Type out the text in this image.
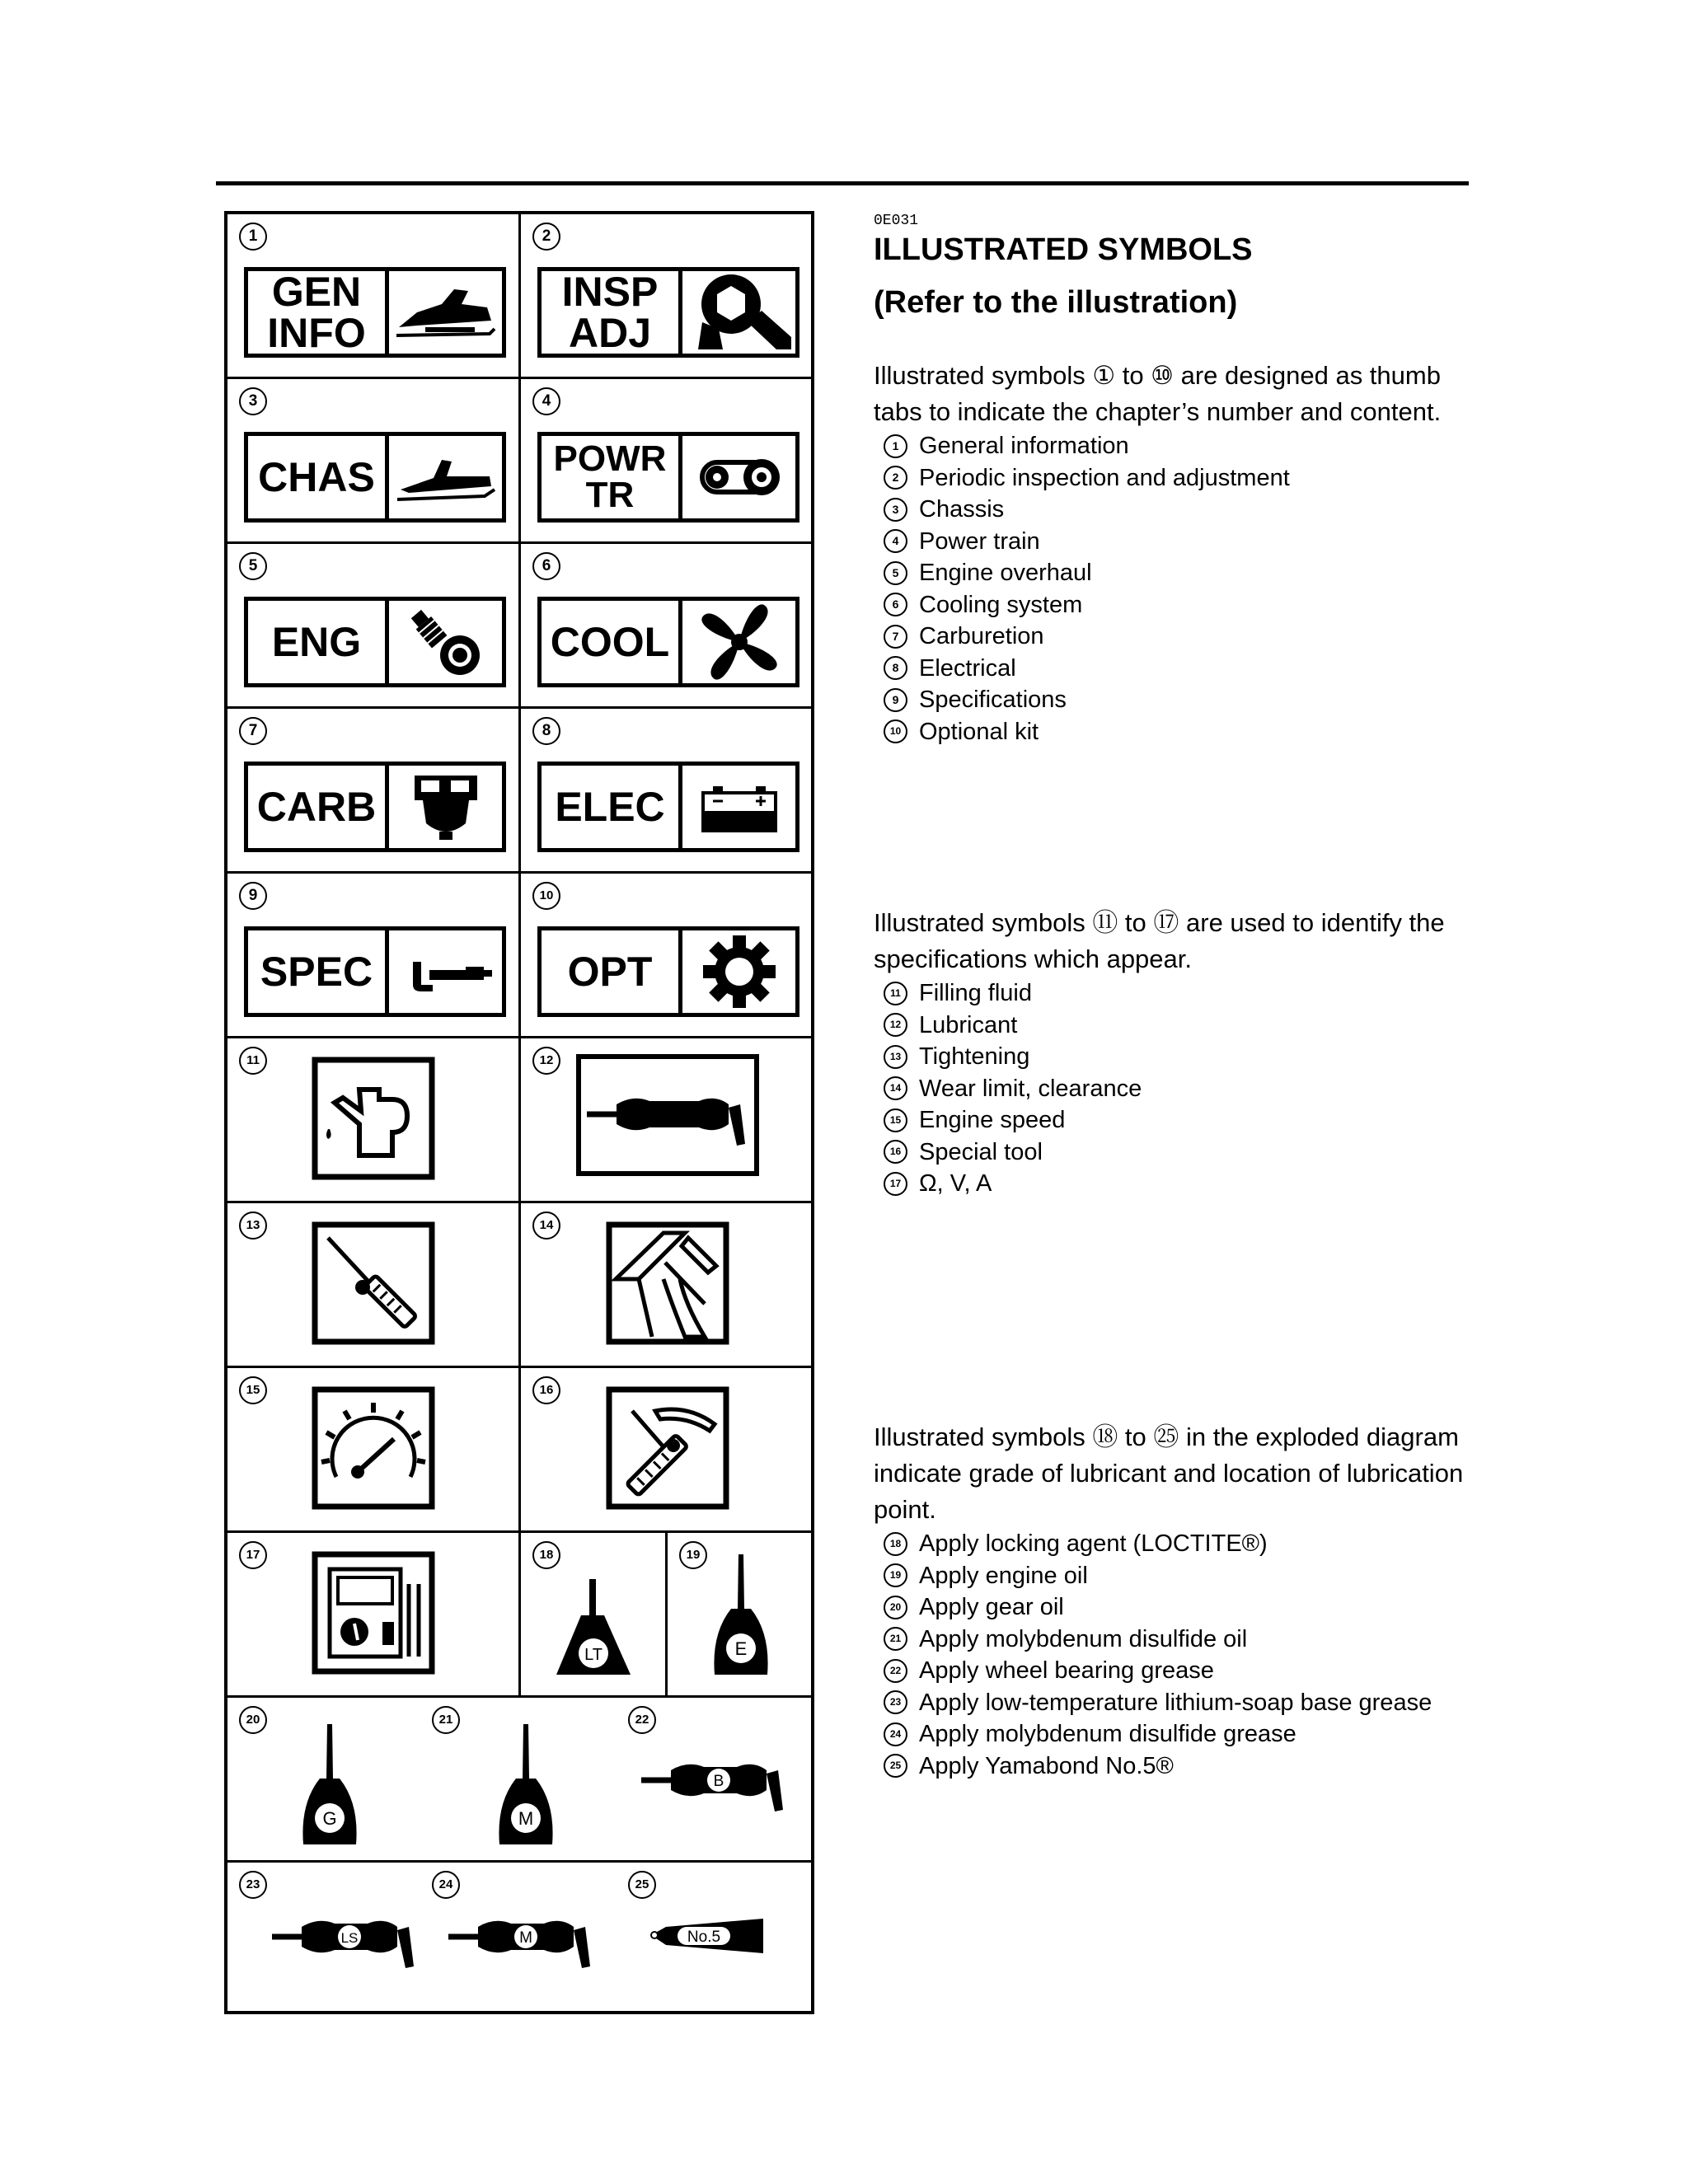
1
GEN
INFO
2
INSP
ADJ
3
CHAS
4
POWR
TR
5
ENG
6
COOL
7
CARB
8
ELEC
9
SPEC
10
OPT
11	12
13	14
15	16
17	18
LT
19
E
20	21	22
G	M
B
23	24	25
LS	M	No.5
0E031
ILLUSTRATED SYMBOLS
(Refer to the illustration)
Illustrated symbols ① to ⑩ are designed as thumb tabs to indicate the chapter’s number and content.
1 General information
2 Periodic inspection and adjustment
3 Chassis
4 Power train
5 Engine overhaul
6 Cooling system
7 Carburetion
8 Electrical
9 Specifications
10 Optional kit
Illustrated symbols ⑪ to ⑰ are used to identify the specifications which appear.
11 Filling fluid
12 Lubricant
13 Tightening
14 Wear limit, clearance
15 Engine speed
16 Special tool
17 Ω, V, A
Illustrated symbols ⑱ to ㉕ in the exploded diagram indicate grade of lubricant and location of lubrication point.
18 Apply locking agent (LOCTITE®)
19 Apply engine oil
20 Apply gear oil
21 Apply molybdenum disulfide oil
22 Apply wheel bearing grease
23 Apply low-temperature lithium-soap base grease
24 Apply molybdenum disulfide grease
25 Apply Yamabond No.5®
